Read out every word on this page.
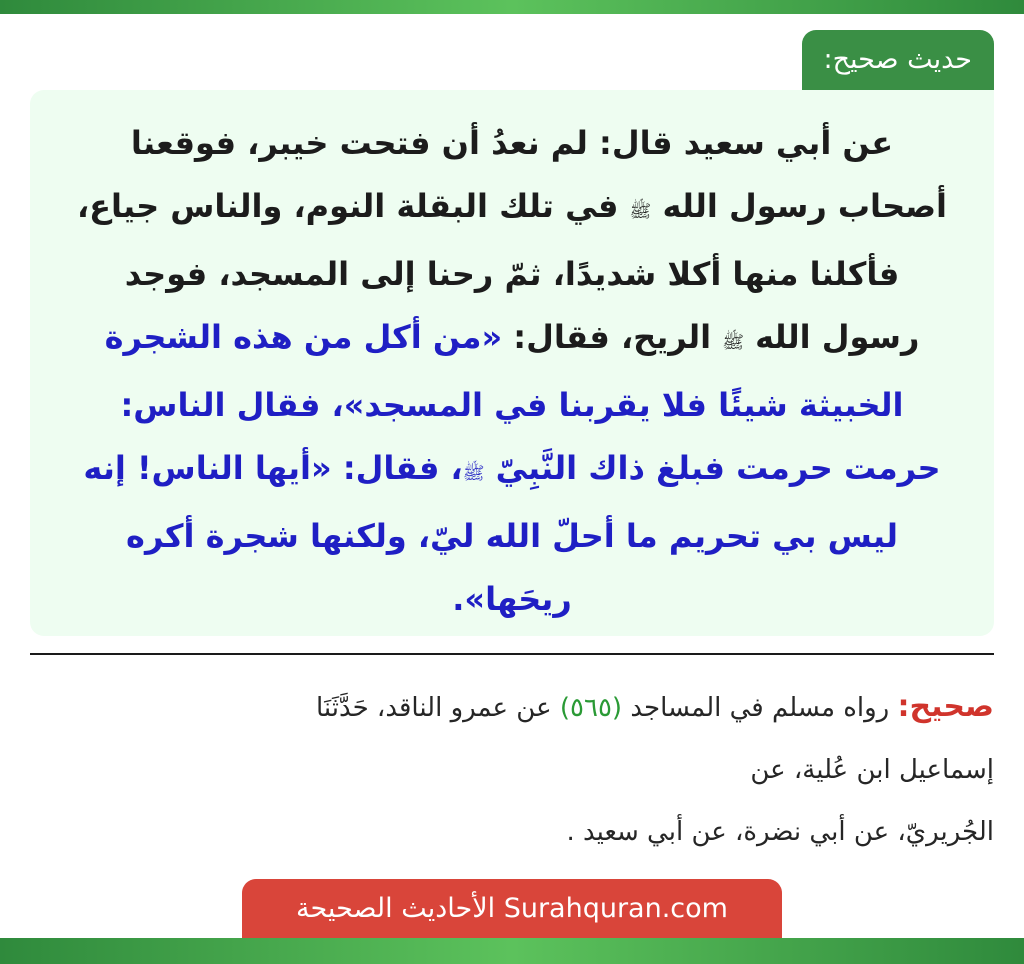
حديث صحيح:

عن أبي سعيد قال: لم نعدُ أن فتحت خيبر، فوقعنا أصحاب رسول الله ﷺ في تلك البقلة النوم، والناس جياع، فأكلنا منها أكلا شديدًا، ثمّ رحنا إلى المسجد، فوجد رسول الله ﷺ الريح، فقال: «من أكل من هذه الشجرة الخبيثة شيئًا فلا يقربنا في المسجد»، فقال الناس: حرمت حرمت فبلغ ذاك النَّبِيّ ﷺ، فقال: «أيها الناس! إنه ليس بي تحريم ما أحلّ الله ليّ، ولكنها شجرة أكره ريحَها».

صحيح: رواه مسلم في المساجد (٥٦٥) عن عمرو الناقد، حَدَّثَنَا
إسماعيل ابن عُلية، عن
الجُريريّ، عن أبي نضرة، عن أبي سعيد .
الأحاديث الصحيحة Surahquran.com
